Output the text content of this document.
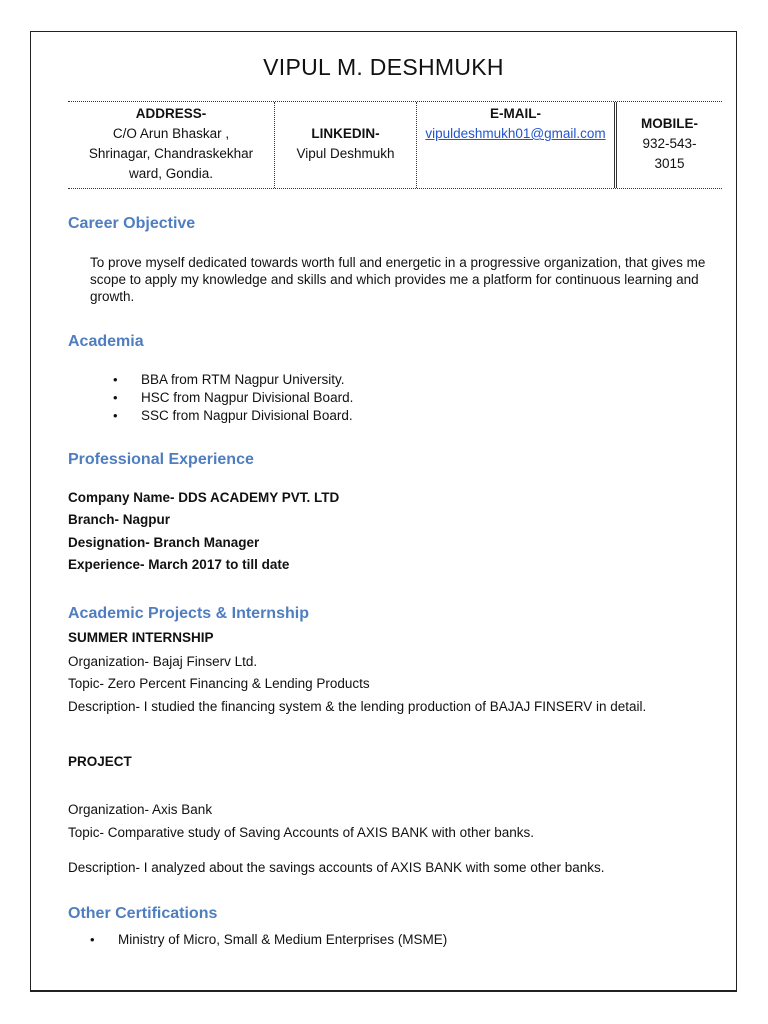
VIPUL M. DESHMUKH
ADDRESS-
C/O Arun Bhaskar ,
Shrinagar, Chandraskekhar
ward, Gondia.
LINKEDIN-
Vipul Deshmukh
E-MAIL-
vipuldeshmukh01@gmail.com
MOBILE-
932-543-
3015
Career Objective
To prove myself dedicated towards worth full and energetic in a progressive organization, that gives me scope to apply my knowledge and skills and which provides me a platform for continuous learning and growth.
Academia
• BBA from RTM Nagpur University.
• HSC from Nagpur Divisional Board.
• SSC from Nagpur Divisional Board.
Professional Experience
Company Name- DDS ACADEMY PVT. LTD
Branch- Nagpur
Designation- Branch Manager
Experience- March 2017 to till date
Academic Projects & Internship
SUMMER INTERNSHIP
Organization- Bajaj Finserv Ltd.
Topic- Zero Percent Financing & Lending Products
Description- I studied the financing system & the lending production of BAJAJ FINSERV in detail.
PROJECT
Organization- Axis Bank
Topic- Comparative study of Saving Accounts of AXIS BANK with other banks.
Description- I analyzed about the savings accounts of AXIS BANK with some other banks.
Other Certifications
• Ministry of Micro, Small & Medium Enterprises (MSME)
